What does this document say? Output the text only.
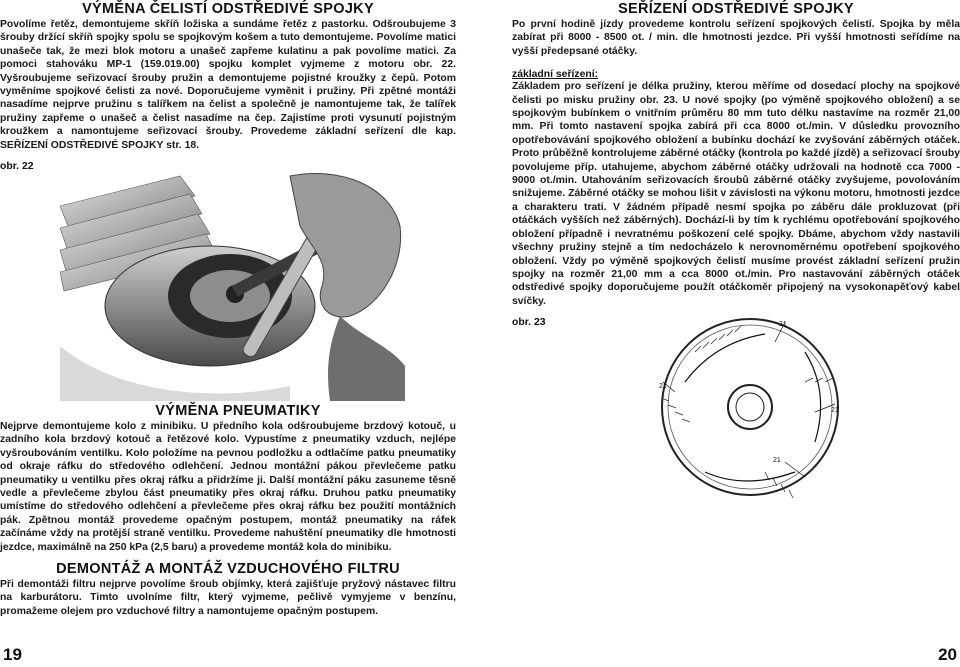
VÝMĚNA ČELISTÍ ODSTŘEDIVÉ SPOJKY

Povolíme řetěz, demontujeme skříň ložiska a sundáme řetěz z pastorku. Odšroubujeme 3 šrouby držící skříň spojky spolu se spojkovým košem a tuto demontujeme. Povolíme matici unašeče tak, že mezi blok motoru a unašeč zapřeme kulatinu a pak povolíme matici. Za pomoci stahováku MP-1 (159.019.00) spojku komplet vyjmeme z motoru obr. 22. Vyšroubujeme seřizovací šrouby pružin a demontujeme pojistné kroužky z čepů. Potom vyměníme spojkové čelisti za nové. Doporučujeme vyměnit i pružiny. Při zpětné montáži nasadíme nejprve pružinu s talířkem na čelist a společně je namontujeme tak, že talířek pružiny zapřeme o unašeč a čelist nasadíme na čep. Zajistíme proti vysunutí pojistným kroužkem a namontujeme seřizovací šrouby. Provedeme základní seřízení dle kap. SEŘÍZENÍ ODSTŘEDIVÉ SPOJKY str. 18.

obr. 22
VÝMĚNA PNEUMATIKY

Nejprve demontujeme kolo z minibiku. U předního kola odšroubujeme brzdový kotouč, u zadního kola brzdový kotouč a řetězové kolo. Vypustíme z pneumatiky vzduch, nejlépe vyšroubováním ventilku. Kolo položíme na pevnou podložku a odtlačíme patku pneumatiky od okraje ráfku do středového odlehčení. Jednou montážní pákou převlečeme patku pneumatiky u ventilku přes okraj ráfku a přidržíme ji. Další montážní páku zasuneme těsně vedle a převlečeme zbylou část pneumatiky přes okraj ráfku. Druhou patku pneumatiky umístíme do středového odlehčení a převlečeme přes okraj ráfku bez použití montážních pák. Zpětnou montáž provedeme opačným postupem, montáž pneumatiky na ráfek začínáme vždy na protější straně ventilku. Provedeme nahuštění pneumatiky dle hmotnosti jezdce, maximálně na 250 kPa (2,5 baru) a provedeme montáž kola do minibiku.

DEMONTÁŽ A MONTÁŽ VZDUCHOVÉHO FILTRU

Při demontáži filtru nejprve povolíme šroub objímky, která zajišťuje pryžový nástavec filtru na karburátoru. Timto uvolníme filtr, který vyjmeme, pečlivě vymyjeme v benzínu, promažeme olejem pro vzduchové filtry a namontujeme opačným postupem.

19
SEŘÍZENÍ ODSTŘEDIVÉ SPOJKY

Po první hodině jízdy provedeme kontrolu seřízení spojkových čelistí. Spojka by měla zabírat při 8000 - 8500 ot. / min. dle hmotnosti jezdce. Při vyšší hmotnosti seřídíme na vyšší předepsané otáčky.

základní seřízení:

Základem pro seřízení je délka pružiny, kterou měříme od dosedací plochy na spojkové čelisti po misku pružiny obr. 23. U nové spojky (po výměně spojkového obložení) a se spojkovým bubínkem o vnitřním průměru 80 mm tuto délku nastavíme na rozměr 21,00 mm. Při tomto nastavení spojka zabírá při cca 8000 ot./min. V důsledku provozního opotřebovávání spojkového obložení a bubínku dochází ke zvyšování záběrných otáček. Proto průběžně kontrolujeme záběrné otáčky (kontrola po každé jízdě) a seřizovací šrouby povolujeme příp. utahujeme, abychom záběrné otáčky udržovali na hodnotě cca 7000 - 9000 ot./min. Utahováním seřizovacích šroubů záběrné otáčky zvyšujeme, povolováním snižujeme. Záběrné otáčky se mohou lišit v závislosti na výkonu motoru, hmotnosti jezdce a charakteru trati. V žádném případě nesmí spojka po záběru dále prokluzovat (při otáčkách vyšších než záběrných). Dochází-li by tím k rychlému opotřebování spojkového obložení případně i nevratnému poškození celé spojky. Dbáme, abychom vždy nastavili všechny pružiny stejně a tím nedocházelo k nerovnoměrnému opotřebení spojkového obložení. Vždy po výměně spojkových čelistí musíme provést základní seřízení pružin spojky na rozměr 21,00 mm a cca 8000 ot./min. Pro nastavování záběrných otáček odstředivé spojky doporučujeme použít otáčkoměr připojený na vysokonapěťový kabel svíčky.

obr. 23	21
21
21
21
20
